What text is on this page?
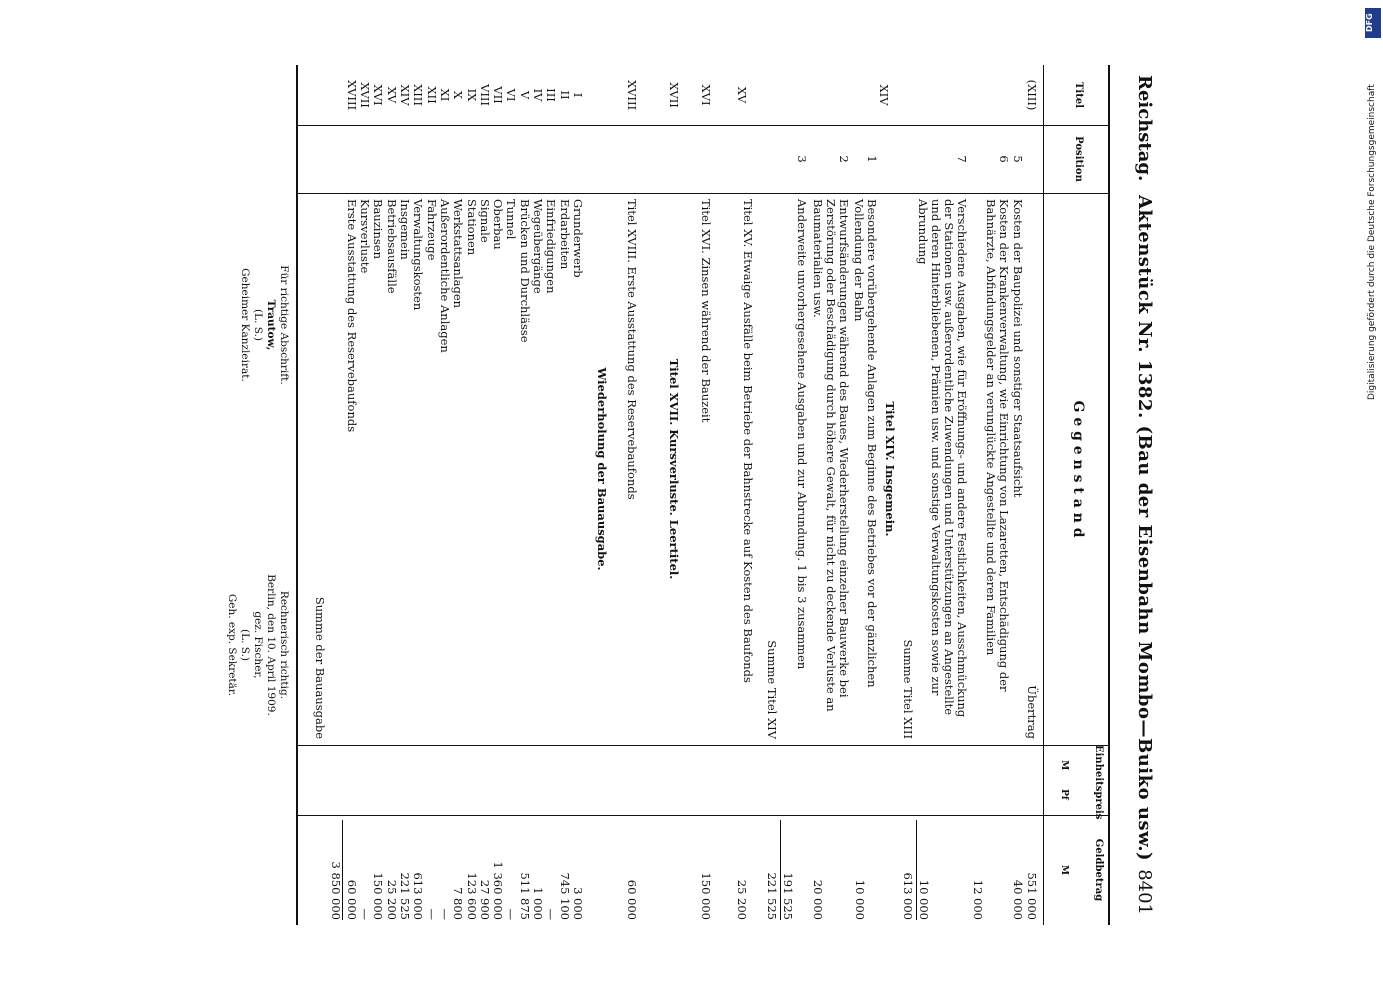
Reichstag.
Aktenstück Nr. 1382. (Bau der Eisenbahn Mombo—Buiko usw.)
8401
Titel
Position
G e g e n s t a n d
Einheitspreis
M      Pf
Geldbetrag
M
(XIII)
Übertrag
551 000
5
Kosten der Baupolizei und sonstiger Staatsaufsicht
40 000
6
Kosten der Krankenverwaltung, wie Einrichtung von Lazaretten, Entschädigung der Bahnärzte, Abfindungsgelder an verunglückte Angestellte und deren Familien
12 000
7
Verschiedene Ausgaben, wie für Eröffnungs- und andere Festlichkeiten, Ausschmückung der Stationen usw. außerordentliche Zuwendungen und Unterstützungen an Angestellte und deren Hinterbliebenen, Prämien usw. und sonstige Verwaltungskosten sowie zur Abrundung
10 000
Summe Titel XIII
613 000
XIV
Titel XIV. Insgemein.
1
Besondere vorübergehende Anlagen zum Beginne des Betriebes vor der gänzlichen Vollendung der Bahn
10 000
2
Entwurfsänderungen während des Baues, Wiederherstellung einzelner Bauwerke bei Zerstörung oder Beschädigung durch höhere Gewalt, für nicht zu deckende Verluste an Baumaterialien usw.
20 000
3
Anderweite unvorhergesehene Ausgaben und zur Abrundung. 1 bis 3 zusammen
191 525
Summe Titel XIV
221 525
XV
Titel XV. Etwaige Ausfälle beim Betriebe der Bahnstrecke auf Kosten des Baufonds
25 200
XVI
Titel XVI. Zinsen während der Bauzeit
150 000
XVII
Titel XVII. Kursverluste. Leertitel.
XVIII
Titel XVIII. Erste Ausstattung des Reservebaufonds
60 000
Wiederholung der Bauausgabe.
I
Grunderwerb
3 000
II
Erdarbeiten
745 100
III
Einfriedigungen
—
IV
Wegeübergänge
1 000
V
Brücken und Durchlässe
511 875
VI
Tunnel
—
VII
Oberbau
1 360 000
VIII
Signale
27 900
IX
Stationen
123 600
X
Werkstattsanlagen
7 800
XI
Außerordentliche Anlagen
—
XII
Fahrzeuge
—
XIII
Verwaltungskosten
613 000
XIV
Insgemein
221 525
XV
Betriebsausfälle
25 200
XVI
Bauzinsen
150 000
XVII
Kursverluste
—
XVIII
Erste Ausstattung des Reservebaufonds
60 000
3 850 000
Summe der Bauausgabe
Rechnerisch richtig.
Berlin, den 10. April 1909.
gez. Fischer,
(L. S.)
Geh. exp. Sekretär.
Für richtige Abschrift.
Trautow,
(L. S.)
Geheimer Kanzleirat.
DFG
Digitalisierung gefördert durch die Deutsche Forschungsgemeinschaft
